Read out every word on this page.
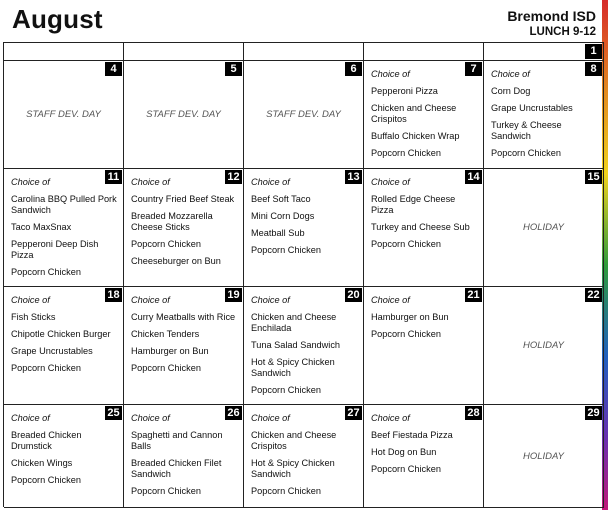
August	Bremond ISD
LUNCH 9-12
1
4
STAFF DEV. DAY
5
STAFF DEV. DAY
6
STAFF DEV. DAY
7
Choice of
Pepperoni Pizza
Chicken and Cheese Crispitos
Buffalo Chicken Wrap
Popcorn Chicken
8
Choice of
Corn Dog
Grape Uncrustables
Turkey & Cheese Sandwich
Popcorn Chicken
11
Choice of
Carolina BBQ Pulled Pork Sandwich
Taco MaxSnax
Pepperoni Deep Dish Pizza
Popcorn Chicken
12
Choice of
Country Fried Beef Steak
Breaded Mozzarella Cheese Sticks
Popcorn Chicken
Cheeseburger on Bun
13
Choice of
Beef Soft Taco
Mini Corn Dogs
Meatball Sub
Popcorn Chicken
14
Choice of
Rolled Edge Cheese Pizza
Turkey and Cheese Sub
Popcorn Chicken
15
HOLIDAY
18
Choice of
Fish Sticks
Chipotle Chicken Burger
Grape Uncrustables
Popcorn Chicken
19
Choice of
Curry Meatballs with Rice
Chicken Tenders
Hamburger on Bun
Popcorn Chicken
20
Choice of
Chicken and Cheese Enchilada
Tuna Salad Sandwich
Hot & Spicy Chicken Sandwich
Popcorn Chicken
21
Choice of
Hamburger on Bun
Popcorn Chicken
22
HOLIDAY
25
Choice of
Breaded Chicken Drumstick
Chicken Wings
Popcorn Chicken
26
Choice of
Spaghetti and Cannon Balls
Breaded Chicken Filet Sandwich
Popcorn Chicken
27
Choice of
Chicken and Cheese Crispitos
Hot & Spicy Chicken Sandwich
Popcorn Chicken
28
Choice of
Beef Fiestada Pizza
Hot Dog on Bun
Popcorn Chicken
29
HOLIDAY
